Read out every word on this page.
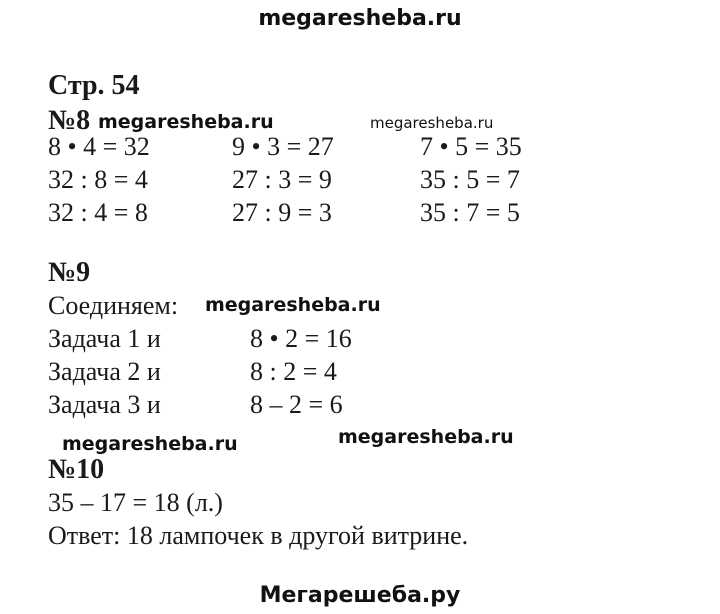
megaresheba.ru
megaresheba.ru	megaresheba.ru
megaresheba.ru
megaresheba.ru	megaresheba.ru
Стр. 54
№8
8 • 4 = 32	9 • 3 = 27	7 • 5 = 35
32 : 8 = 4	27 : 3 = 9	35 : 5 = 7
32 : 4 = 8	27 : 9 = 3	35 : 7 = 5
№9
Соединяем:
Задача 1 и	8 • 2 = 16
Задача 2 и	8 : 2 = 4
Задача 3 и	8 – 2 = 6
№10
35 – 17 = 18 (л.)
Ответ: 18 лампочек в другой витрине.
Мегарешеба.ру
